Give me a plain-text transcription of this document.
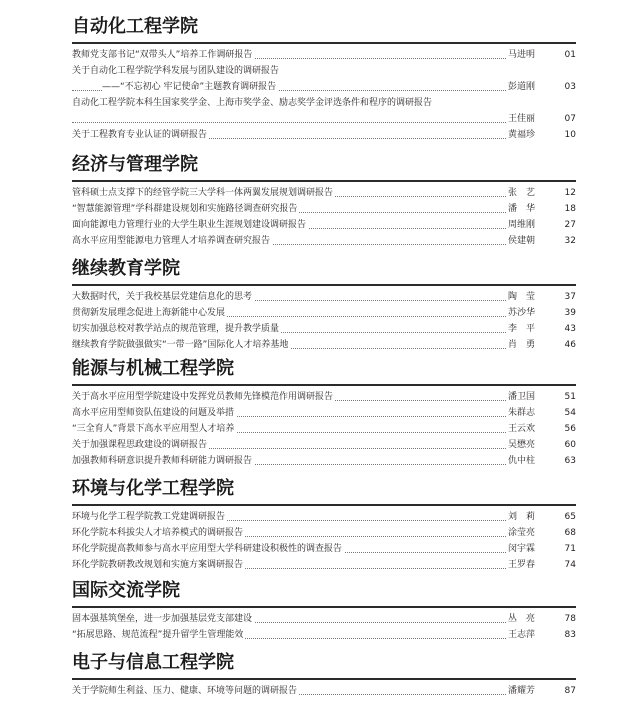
自动化工程学院
教师党支部书记“双带头人”培养工作调研报告	马进明	01
关于自动化工程学院学科发展与团队建设的调研报告
——“不忘初心 牢记使命”主题教育调研报告	彭道刚	03
自动化工程学院本科生国家奖学金、上海市奖学金、励志奖学金评选条件和程序的调研报告
王佳丽	07
关于工程教育专业认证的调研报告	黄福珍	10
经济与管理学院
管科硕士点支撑下的经管学院三大学科一体两翼发展规划调研报告	张　艺	12
“智慧能源管理”学科群建设规划和实施路径调查研究报告	潘　华	18
面向能源电力管理行业的大学生职业生涯规划建设调研报告	周维刚	27
高水平应用型能源电力管理人才培养调查研究报告	侯建朝	32
继续教育学院
大数据时代，关于我校基层党建信息化的思考	陶　莹	37
贯彻新发展理念促进上海新能中心发展	苏沙华	39
切实加强总校对教学站点的规范管理，提升教学质量	李　平	43
继续教育学院做强做实“一带一路”国际化人才培养基地	肖　勇	46
能源与机械工程学院
关于高水平应用型学院建设中发挥党员教师先锋模范作用调研报告	潘卫国	51
高水平应用型师资队伍建设的问题及举措	朱群志	54
“三全育人”背景下高水平应用型人才培养	王云欢	56
关于加强课程思政建设的调研报告	吴懋亮	60
加强教师科研意识提升教师科研能力调研报告	仇中柱	63
环境与化学工程学院
环境与化学工程学院教工党建调研报告	刘　莉	65
环化学院本科拔尖人才培养模式的调研报告	涂莹亮	68
环化学院提高教师参与高水平应用型大学科研建设积极性的调查报告	闵宇霖	71
环化学院教研教改规划和实施方案调研报告	王罗春	74
国际交流学院
固本强基筑堡垒，进一步加强基层党支部建设	丛　亮	78
“拓展思路、规范流程”提升留学生管理能效	王志萍	83
电子与信息工程学院
关于学院师生利益、压力、健康、环境等问题的调研报告	潘耀芳	87
